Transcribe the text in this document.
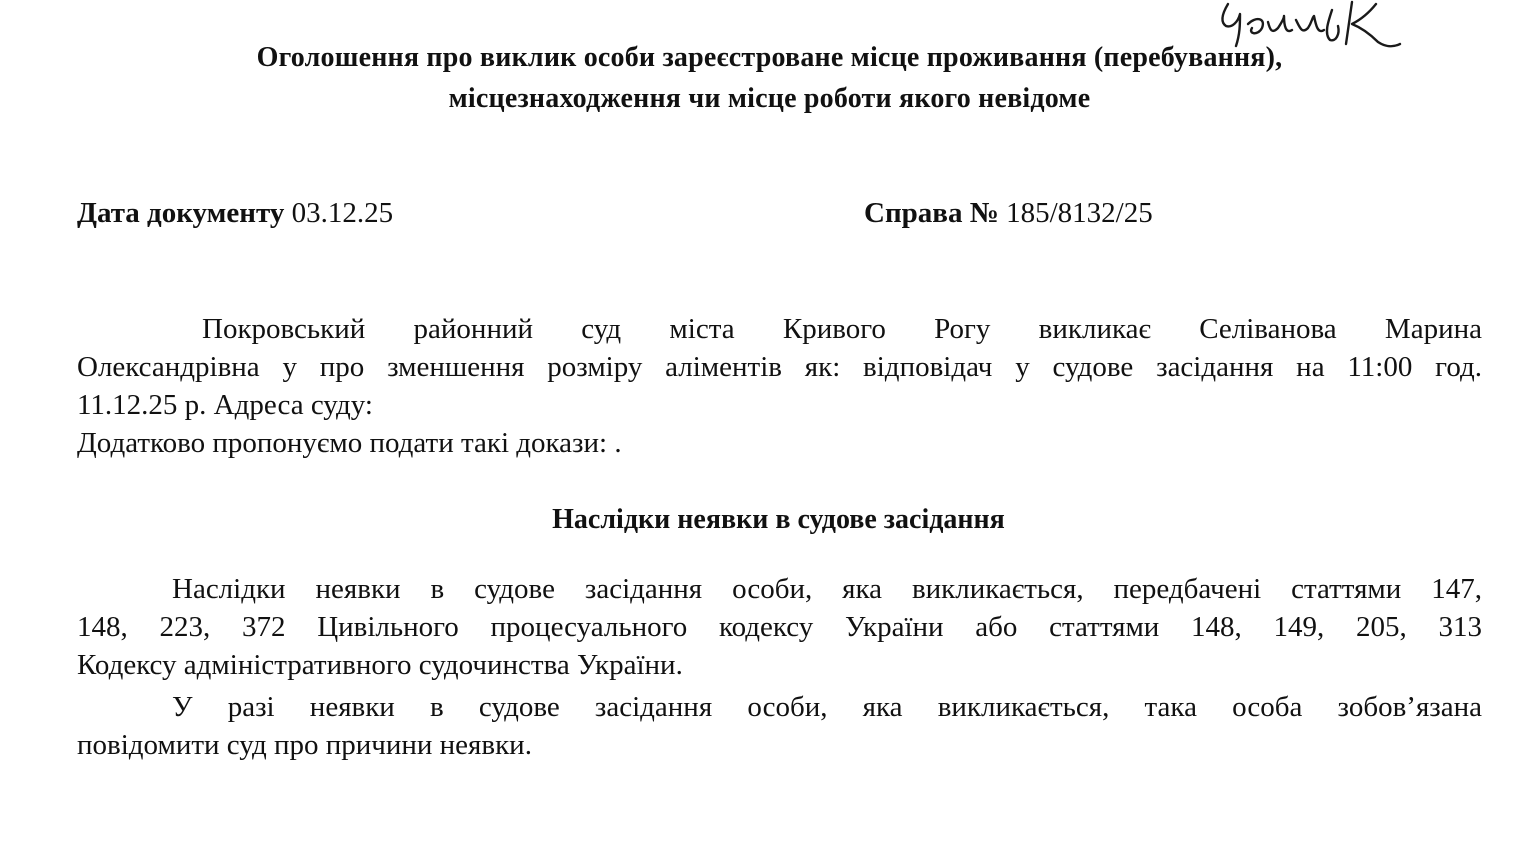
Оголошення про виклик особи зареєстроване місце проживання (перебування),
місцезнаходження чи місце роботи якого невідоме
Дата документу 03.12.25	Справа № 185/8132/25
Покровський районний суд міста Кривого Рогу викликає Селіванова Марина
Олександрівна у про зменшення розміру аліментів як: відповідач у судове засідання на 11:00 год.
11.12.25 р. Адреса суду:
Додатково пропонуємо подати такі докази: .
Наслідки неявки в судове засідання
Наслідки неявки в судове засідання особи, яка викликається, передбачені статтями 147,
148, 223, 372 Цивільного процесуального кодексу України або статтями 148, 149, 205, 313
Кодексу адміністративного судочинства України.
У разі неявки в судове засідання особи, яка викликається, така особа зобов’язана
повідомити суд про причини неявки.
